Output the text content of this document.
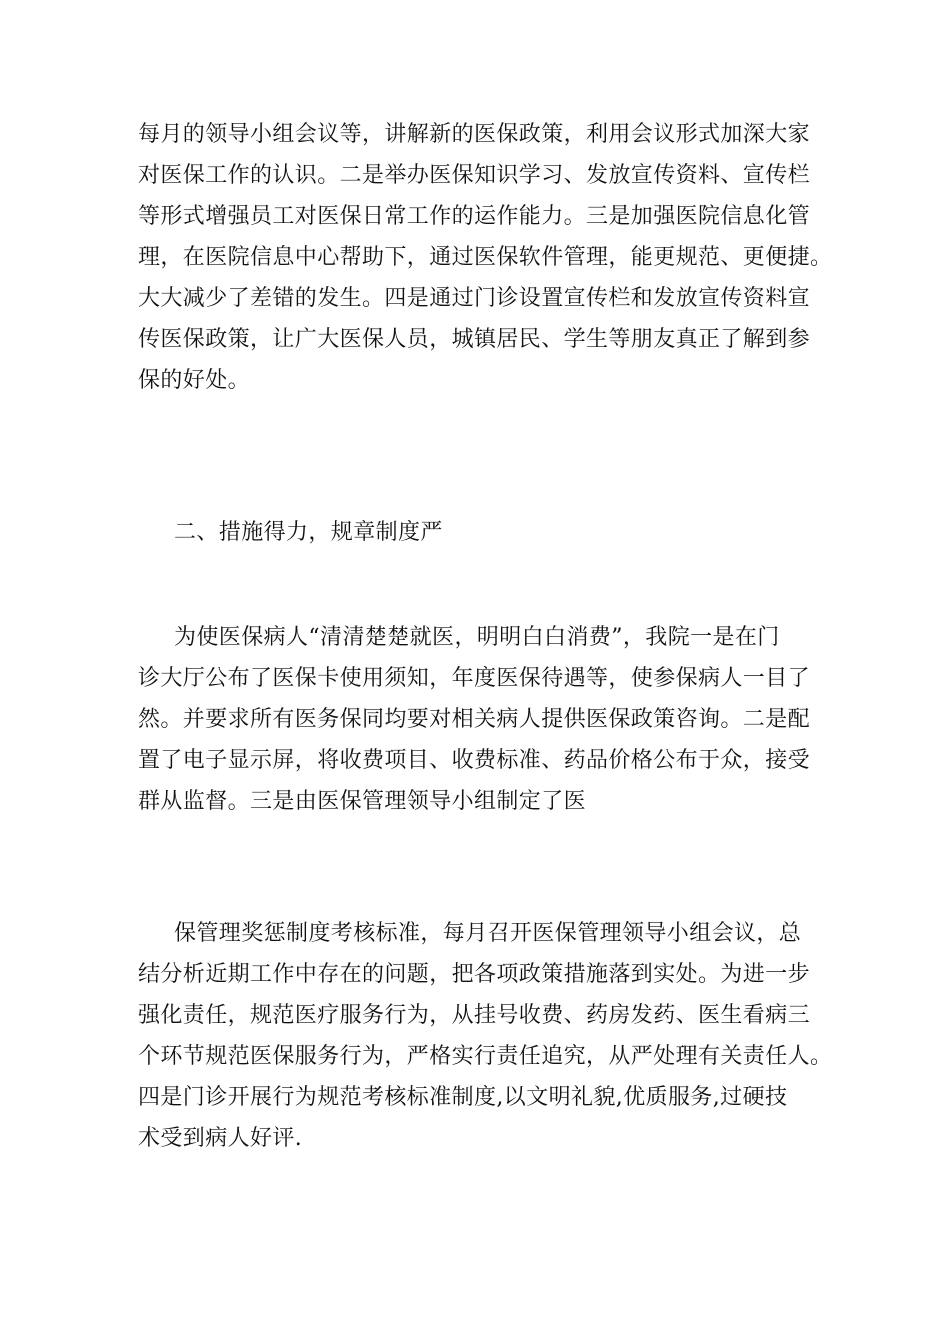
每月的领导小组会议等，讲解新的医保政策，利用会议形式加深大家
对医保工作的认识。二是举办医保知识学习、发放宣传资料、宣传栏
等形式增强员工对医保日常工作的运作能力。三是加强医院信息化管
理，在医院信息中心帮助下，通过医保软件管理，能更规范、更便捷。
大大减少了差错的发生。四是通过门诊设置宣传栏和发放宣传资料宣
传医保政策，让广大医保人员，城镇居民、学生等朋友真正了解到参
保的好处。
二、措施得力，规章制度严
为使医保病人“清清楚楚就医，明明白白消费”，我院一是在门
诊大厅公布了医保卡使用须知，年度医保待遇等，使参保病人一目了
然。并要求所有医务保同均要对相关病人提供医保政策咨询。二是配
置了电子显示屏，将收费项目、收费标准、药品价格公布于众，接受
群从监督。三是由医保管理领导小组制定了医
保管理奖惩制度考核标准，每月召开医保管理领导小组会议，总
结分析近期工作中存在的问题，把各项政策措施落到实处。为进一步
强化责任，规范医疗服务行为，从挂号收费、药房发药、医生看病三
个环节规范医保服务行为，严格实行责任追究，从严处理有关责任人。
四是门诊开展行为规范考核标准制度,以文明礼貌,优质服务,过硬技
术受到病人好评.
